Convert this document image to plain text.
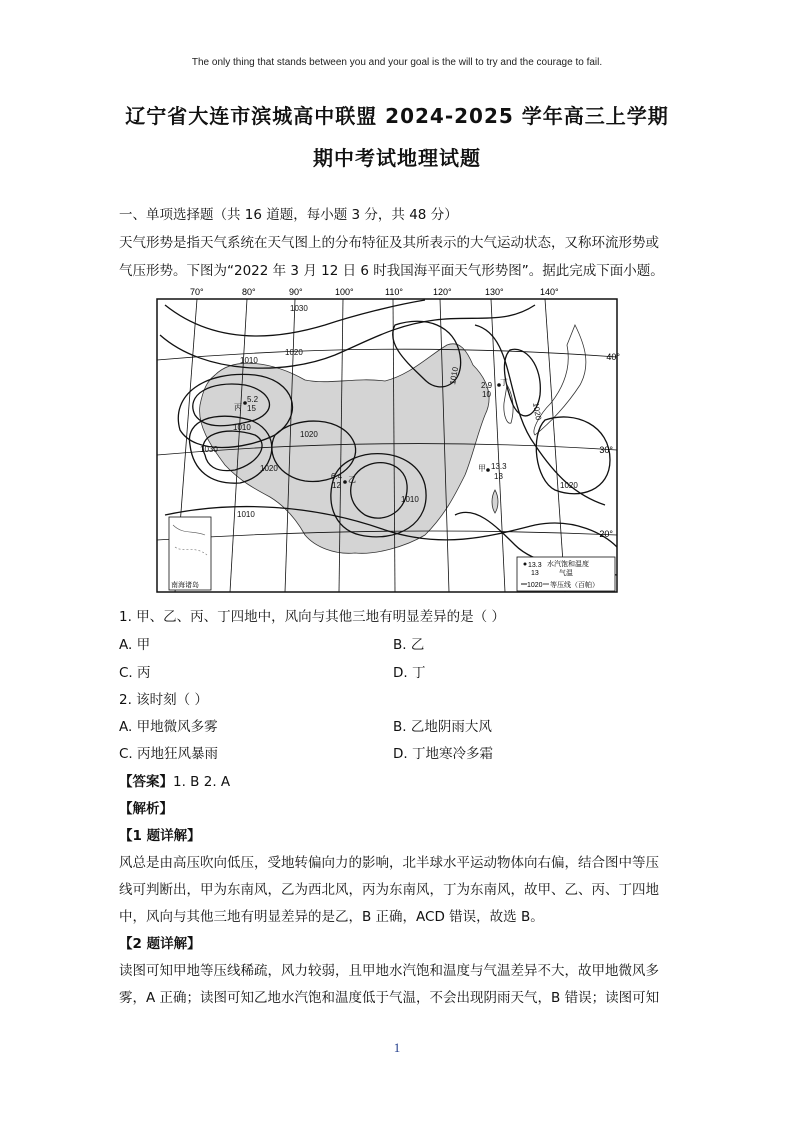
The only thing that stands between you and your goal is the will to try and the courage to fail.
辽宁省大连市滨城高中联盟 2024-2025 学年高三上学期
期中考试地理试题
一、单项选择题（共 16 道题，每小题 3 分，共 48 分）
天气形势是指天气系统在天气图上的分布特征及其所表示的大气运动状态，又称环流形势或
气压形势。下图为“2022 年 3 月 12 日 6 时我国海平面天气形势图”。据此完成下面小题。
70°	80°	90°	100°	110°	120°	130°	140°
1030
1020
1010
1010
1030
1020
1020
1010
1010
1010
1020
1020
40°
30°
20°
5.2
丙 15
2.9 丁
10
甲 13.3
13
6.4 乙
12
南海诸岛
13.3
13
水汽饱和温度
气温
1020 等压线（百帕）
1. 甲、乙、丙、丁四地中，风向与其他三地有明显差异的是（ ）
A. 甲	B. 乙
C. 丙	D. 丁
2. 该时刻（ ）
A. 甲地微风多雾	B. 乙地阴雨大风
C. 丙地狂风暴雨	D. 丁地寒冷多霜
【答案】1. B 2. A
【解析】
【1 题详解】
风总是由高压吹向低压，受地转偏向力的影响，北半球水平运动物体向右偏，结合图中等压
线可判断出，甲为东南风，乙为西北风，丙为东南风，丁为东南风，故甲、乙、丙、丁四地
中，风向与其他三地有明显差异的是乙，B 正确，ACD 错误，故选 B。
【2 题详解】
读图可知甲地等压线稀疏，风力较弱，且甲地水汽饱和温度与气温差异不大，故甲地微风多
雾，A 正确；读图可知乙地水汽饱和温度低于气温，不会出现阴雨天气，B 错误；读图可知
1
